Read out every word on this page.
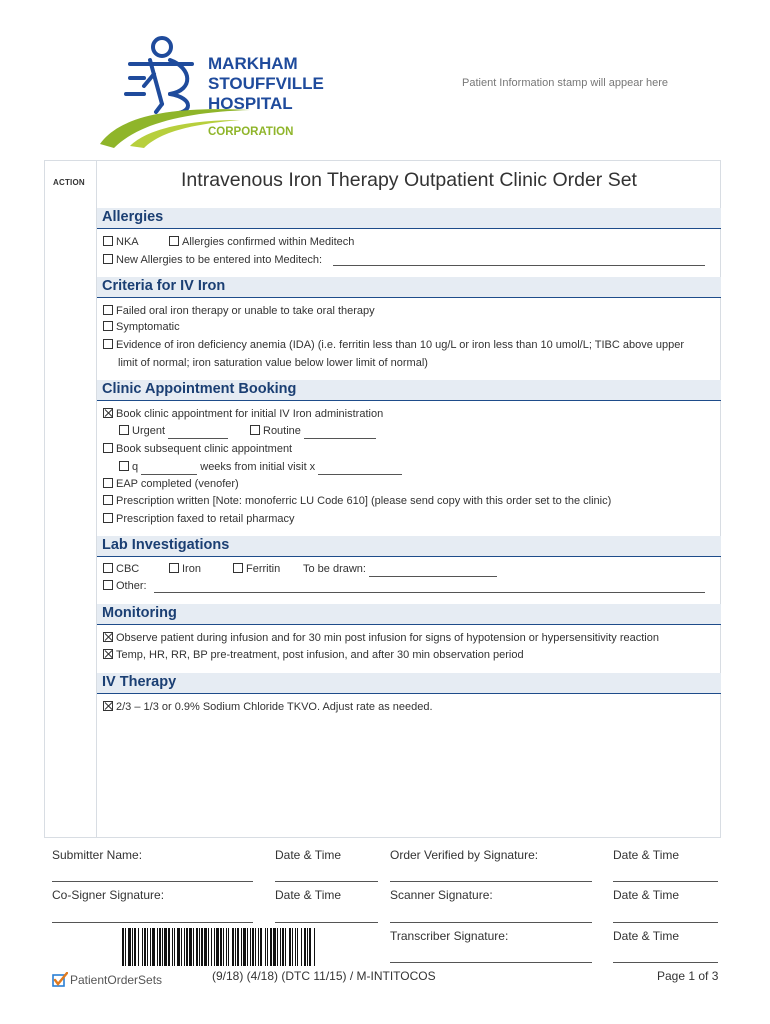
MARKHAM
STOUFFVILLE
HOSPITAL
CORPORATION
Patient Information stamp will appear here
ACTION	Intravenous Iron Therapy Outpatient Clinic Order Set
Allergies
NKA	Allergies confirmed within Meditech
New Allergies to be entered into Meditech:
Criteria for IV Iron
Failed oral iron therapy or unable to take oral therapy
Symptomatic
Evidence of iron deficiency anemia (IDA) (i.e. ferritin less than 10 ug/L or iron less than 10 umol/L; TIBC above upper
limit of normal; iron saturation value below lower limit of normal)
Clinic Appointment Booking
Book clinic appointment for initial IV Iron administration
Urgent	Routine
Book subsequent clinic appointment
q	weeks from initial visit x
EAP completed (venofer)
Prescription written [Note: monoferric LU Code 610] (please send copy with this order set to the clinic)
Prescription faxed to retail pharmacy
Lab Investigations
CBC	Iron	Ferritin To be drawn:
Other:
Monitoring
Observe patient during infusion and for 30 min post infusion for signs of hypotension or hypersensitivity reaction
Temp, HR, RR, BP pre-treatment, post infusion, and after 30 min observation period
IV Therapy
2/3 – 1/3 or 0.9% Sodium Chloride TKVO. Adjust rate as needed.
Submitter Name:	Date & Time	Order Verified by Signature:	Date & Time
Co-Signer Signature:	Date & Time	Scanner Signature:	Date & Time
Transcriber Signature:	Date & Time
PatientOrderSets	(9/18) (4/18) (DTC 11/15) / M-INTITOCOS	Page 1 of 3
